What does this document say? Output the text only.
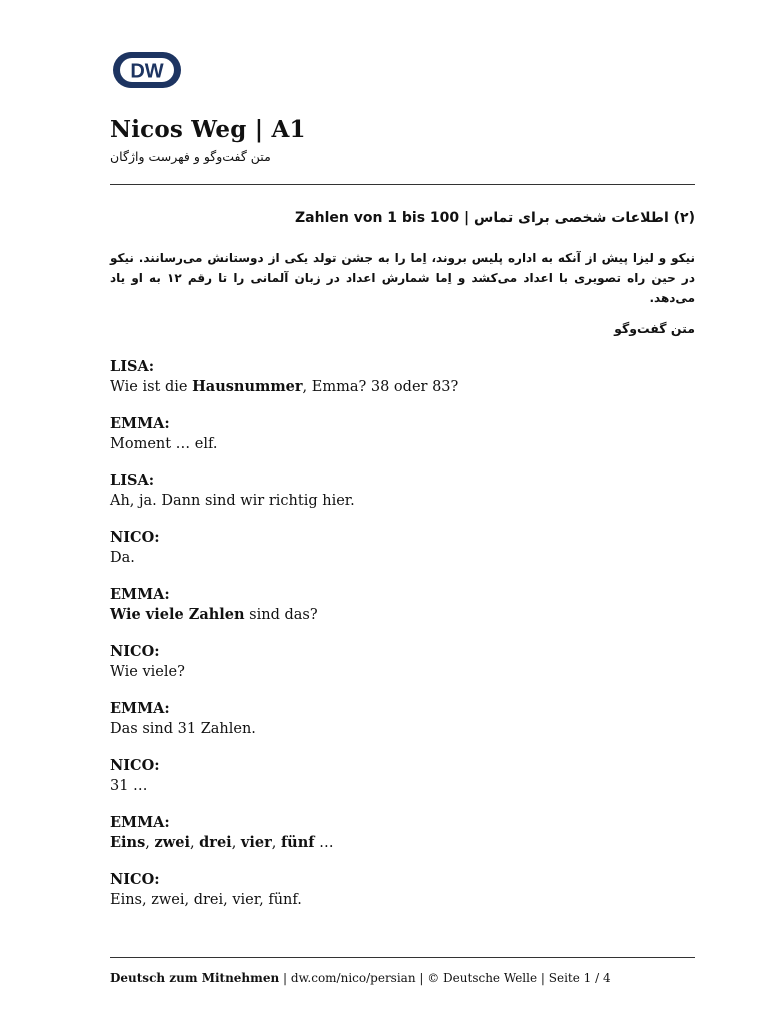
DW
Nicos Weg | A1
متن گفت‌وگو و فهرست واژگان
(۲) اطلاعات شخصی برای تماس | Zahlen von 1 bis 100
نیکو و لیزا پیش از آنکه به اداره پلیس بروند، اِما را به جشن تولد یکی از دوستانش می‌رسانند. نیکو در حین راه تصویری با اعداد می‌کشد و اِما شمارش اعداد در زبان آلمانی را تا رقم ۱۲ به او یاد می‌دهد.
متن گفت‌وگو
LISA:
Wie ist die Hausnummer, Emma? 38 oder 83?
EMMA:
Moment … elf.
LISA:
Ah, ja. Dann sind wir richtig hier.
NICO:
Da.
EMMA:
Wie viele Zahlen sind das?
NICO:
Wie viele?
EMMA:
Das sind 31 Zahlen.
NICO:
31 …
EMMA:
Eins, zwei, drei, vier, fünf …
NICO:
Eins, zwei, drei, vier, fünf.
Deutsch zum Mitnehmen | dw.com/nico/persian | © Deutsche Welle | Seite 1 / 4
